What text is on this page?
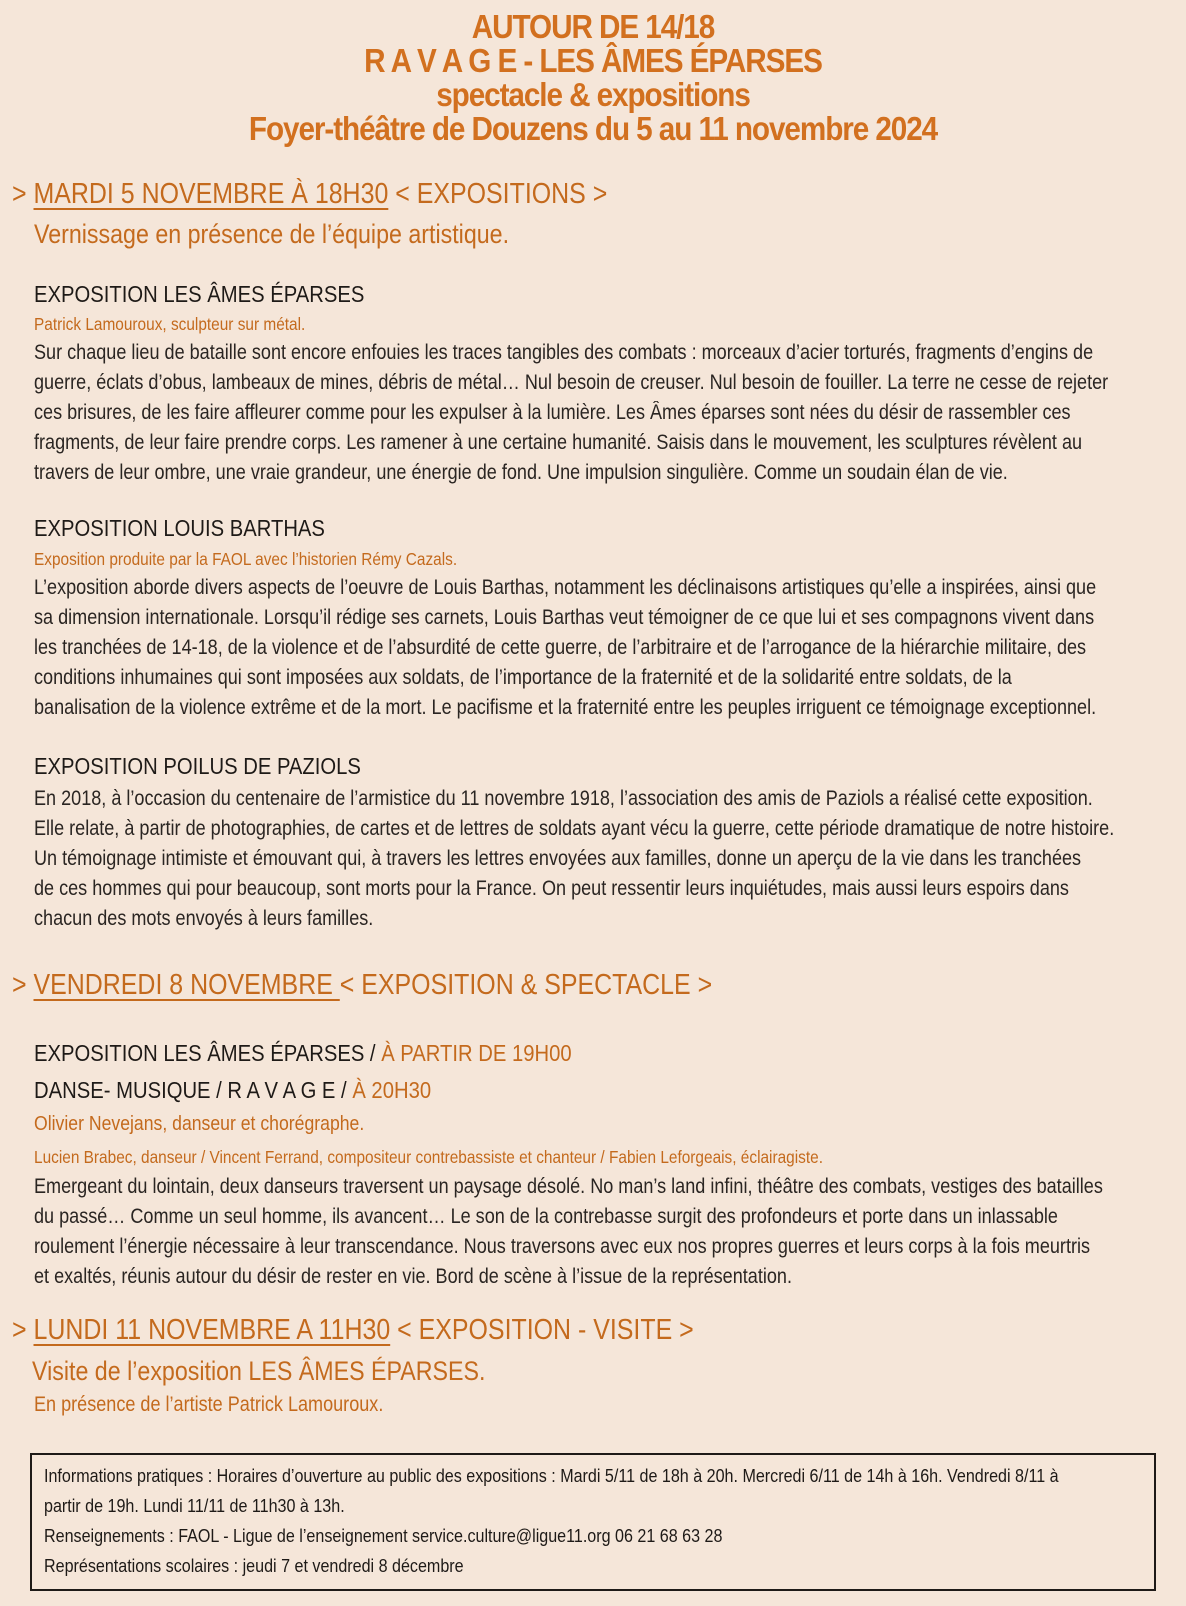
AUTOUR DE 14/18
R A V A G E - LES ÂMES ÉPARSES
spectacle & expositions
Foyer-théâtre de Douzens du 5 au 11 novembre 2024
> MARDI 5 NOVEMBRE À 18H30 < EXPOSITIONS >
Vernissage en présence de l’équipe artistique.
EXPOSITION LES ÂMES ÉPARSES
Patrick Lamouroux, sculpteur sur métal.
Sur chaque lieu de bataille sont encore enfouies les traces tangibles des combats : morceaux d’acier torturés, fragments d’engins de
guerre, éclats d’obus, lambeaux de mines, débris de métal… Nul besoin de creuser. Nul besoin de fouiller. La terre ne cesse de rejeter
ces brisures, de les faire affleurer comme pour les expulser à la lumière. Les Âmes éparses sont nées du désir de rassembler ces
fragments, de leur faire prendre corps. Les ramener à une certaine humanité. Saisis dans le mouvement, les sculptures révèlent au
travers de leur ombre, une vraie grandeur, une énergie de fond. Une impulsion singulière. Comme un soudain élan de vie.
EXPOSITION LOUIS BARTHAS
Exposition produite par la FAOL avec l’historien Rémy Cazals.
L’exposition aborde divers aspects de l’oeuvre de Louis Barthas, notamment les déclinaisons artistiques qu’elle a inspirées, ainsi que
sa dimension internationale. Lorsqu’il rédige ses carnets, Louis Barthas veut témoigner de ce que lui et ses compagnons vivent dans
les tranchées de 14-18, de la violence et de l’absurdité de cette guerre, de l’arbitraire et de l’arrogance de la hiérarchie militaire, des
conditions inhumaines qui sont imposées aux soldats, de l’importance de la fraternité et de la solidarité entre soldats, de la
banalisation de la violence extrême et de la mort. Le pacifisme et la fraternité entre les peuples irriguent ce témoignage exceptionnel.
EXPOSITION POILUS DE PAZIOLS
En 2018, à l’occasion du centenaire de l’armistice du 11 novembre 1918, l’association des amis de Paziols a réalisé cette exposition.
Elle relate, à partir de photographies, de cartes et de lettres de soldats ayant vécu la guerre, cette période dramatique de notre histoire.
Un témoignage intimiste et émouvant qui, à travers les lettres envoyées aux familles, donne un aperçu de la vie dans les tranchées
de ces hommes qui pour beaucoup, sont morts pour la France. On peut ressentir leurs inquiétudes, mais aussi leurs espoirs dans
chacun des mots envoyés à leurs familles.
> VENDREDI 8 NOVEMBRE < EXPOSITION & SPECTACLE >
EXPOSITION LES ÂMES ÉPARSES / À PARTIR DE 19H00
DANSE- MUSIQUE / R A V A G E / À 20H30
Olivier Nevejans, danseur et chorégraphe.
Lucien Brabec, danseur / Vincent Ferrand, compositeur contrebassiste et chanteur / Fabien Leforgeais, éclairagiste.
Emergeant du lointain, deux danseurs traversent un paysage désolé. No man’s land infini, théâtre des combats, vestiges des batailles
du passé… Comme un seul homme, ils avancent… Le son de la contrebasse surgit des profondeurs et porte dans un inlassable
roulement l’énergie nécessaire à leur transcendance. Nous traversons avec eux nos propres guerres et leurs corps à la fois meurtris
et exaltés, réunis autour du désir de rester en vie. Bord de scène à l’issue de la représentation.
> LUNDI 11 NOVEMBRE A 11H30 < EXPOSITION - VISITE >
Visite de l’exposition LES ÂMES ÉPARSES.
En présence de l’artiste Patrick Lamouroux.
Informations pratiques : Horaires d’ouverture au public des expositions : Mardi 5/11 de 18h à 20h. Mercredi 6/11 de 14h à 16h. Vendredi 8/11 à
partir de 19h. Lundi 11/11 de 11h30 à 13h.
Renseignements : FAOL - Ligue de l’enseignement service.culture@ligue11.org 06 21 68 63 28
Représentations scolaires : jeudi 7 et vendredi 8 décembre
